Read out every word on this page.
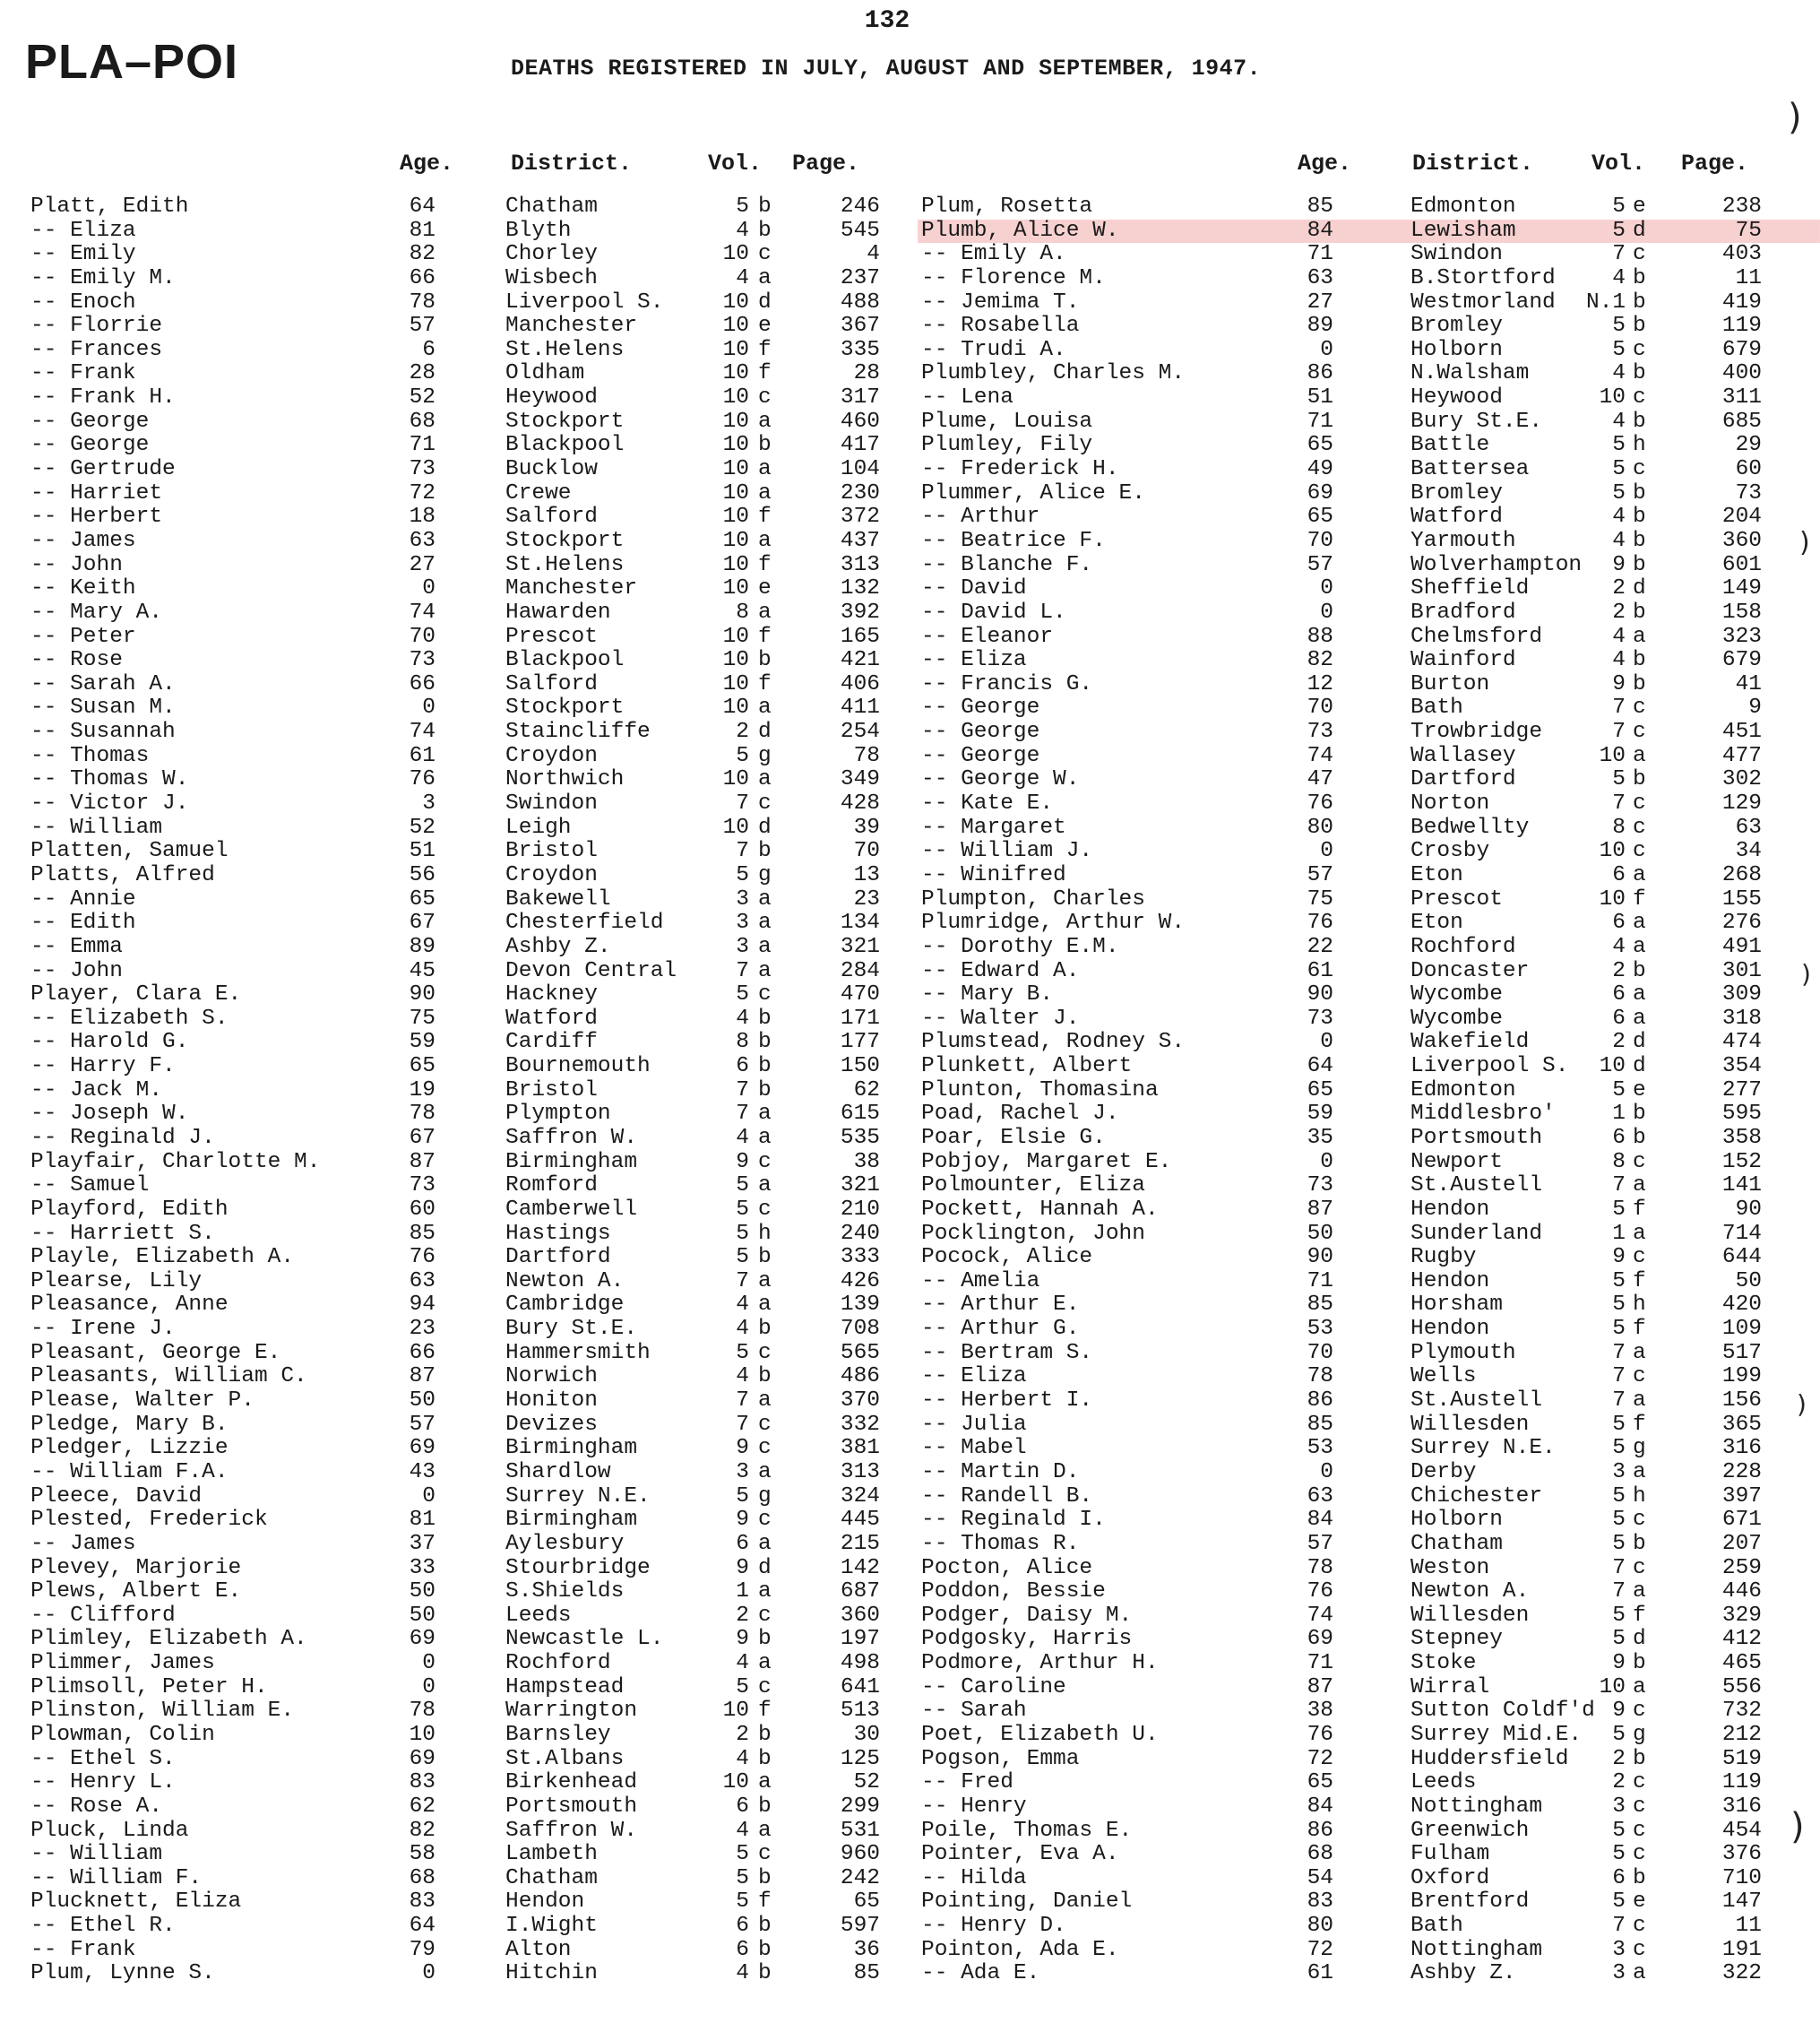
132
PLA–POI	DEATHS REGISTERED IN JULY, AUGUST AND SEPTEMBER, 1947.
Age.	District.	Vol. Page.	Age.	District.	Vol. Page.
Platt, Edith	64	Chatham	5 b	246
-- Eliza	81	Blyth	4 b	545
-- Emily	82	Chorley	10 c	4
-- Emily M.	66	Wisbech	4 a	237
-- Enoch	78	Liverpool S.	10 d	488
-- Florrie	57	Manchester	10 e	367
-- Frances	6	St.Helens	10 f	335
-- Frank	28	Oldham	10 f	28
-- Frank H.	52	Heywood	10 c	317
-- George	68	Stockport	10 a	460
-- George	71	Blackpool	10 b	417
-- Gertrude	73	Bucklow	10 a	104
-- Harriet	72	Crewe	10 a	230
-- Herbert	18	Salford	10 f	372
-- James	63	Stockport	10 a	437
-- John	27	St.Helens	10 f	313
-- Keith	0	Manchester	10 e	132
-- Mary A.	74	Hawarden	8 a	392
-- Peter	70	Prescot	10 f	165
-- Rose	73	Blackpool	10 b	421
-- Sarah A.	66	Salford	10 f	406
-- Susan M.	0	Stockport	10 a	411
-- Susannah	74	Staincliffe	2 d	254
-- Thomas	61	Croydon	5 g	78
-- Thomas W.	76	Northwich	10 a	349
-- Victor J.	3	Swindon	7 c	428
-- William	52	Leigh	10 d	39
Platten, Samuel	51	Bristol	7 b	70
Platts, Alfred	56	Croydon	5 g	13
-- Annie	65	Bakewell	3 a	23
-- Edith	67	Chesterfield	3 a	134
-- Emma	89	Ashby Z.	3 a	321
-- John	45	Devon Central	7 a	284
Player, Clara E.	90	Hackney	5 c	470
-- Elizabeth S.	75	Watford	4 b	171
-- Harold G.	59	Cardiff	8 b	177
-- Harry F.	65	Bournemouth	6 b	150
-- Jack M.	19	Bristol	7 b	62
-- Joseph W.	78	Plympton	7 a	615
-- Reginald J.	67	Saffron W.	4 a	535
Playfair, Charlotte M.	87	Birmingham	9 c	38
-- Samuel	73	Romford	5 a	321
Playford, Edith	60	Camberwell	5 c	210
-- Harriett S.	85	Hastings	5 h	240
Playle, Elizabeth A.	76	Dartford	5 b	333
Plearse, Lily	63	Newton A.	7 a	426
Pleasance, Anne	94	Cambridge	4 a	139
-- Irene J.	23	Bury St.E.	4 b	708
Pleasant, George E.	66	Hammersmith	5 c	565
Pleasants, William C.	87	Norwich	4 b	486
Please, Walter P.	50	Honiton	7 a	370
Pledge, Mary B.	57	Devizes	7 c	332
Pledger, Lizzie	69	Birmingham	9 c	381
-- William F.A.	43	Shardlow	3 a	313
Pleece, David	0	Surrey N.E.	5 g	324
Plested, Frederick	81	Birmingham	9 c	445
-- James	37	Aylesbury	6 a	215
Plevey, Marjorie	33	Stourbridge	9 d	142
Plews, Albert E.	50	S.Shields	1 a	687
-- Clifford	50	Leeds	2 c	360
Plimley, Elizabeth A.	69	Newcastle L.	9 b	197
Plimmer, James	0	Rochford	4 a	498
Plimsoll, Peter H.	0	Hampstead	5 c	641
Plinston, William E.	78	Warrington	10 f	513
Plowman, Colin	10	Barnsley	2 b	30
-- Ethel S.	69	St.Albans	4 b	125
-- Henry L.	83	Birkenhead	10 a	52
-- Rose A.	62	Portsmouth	6 b	299
Pluck, Linda	82	Saffron W.	4 a	531
-- William	58	Lambeth	5 c	960
-- William F.	68	Chatham	5 b	242
Plucknett, Eliza	83	Hendon	5 f	65
-- Ethel R.	64	I.Wight	6 b	597
-- Frank	79	Alton	6 b	36
Plum, Lynne S.	0	Hitchin	4 b	85
Plum, Rosetta	85	Edmonton	5 e	238
Plumb, Alice W.	84	Lewisham	5 d	75
-- Emily A.	71	Swindon	7 c	403
-- Florence M.	63	B.Stortford	4 b	11
-- Jemima T.	27	Westmorland N.1 b	419
-- Rosabella	89	Bromley	5 b	119
-- Trudi A.	0	Holborn	5 c	679
Plumbley, Charles M.	86	N.Walsham	4 b	400
-- Lena	51	Heywood	10 c	311
Plume, Louisa	71	Bury St.E.	4 b	685
Plumley, Fily	65	Battle	5 h	29
-- Frederick H.	49	Battersea	5 c	60
Plummer, Alice E.	69	Bromley	5 b	73
-- Arthur	65	Watford	4 b	204
-- Beatrice F.	70	Yarmouth	4 b	360
-- Blanche F.	57	Wolverhampton	9 b	601
-- David	0	Sheffield	2 d	149
-- David L.	0	Bradford	2 b	158
-- Eleanor	88	Chelmsford	4 a	323
-- Eliza	82	Wainford	4 b	679
-- Francis G.	12	Burton	9 b	41
-- George	70	Bath	7 c	9
-- George	73	Trowbridge	7 c	451
-- George	74	Wallasey	10 a	477
-- George W.	47	Dartford	5 b	302
-- Kate E.	76	Norton	7 c	129
-- Margaret	80	Bedwellty	8 c	63
-- William J.	0	Crosby	10 c	34
-- Winifred	57	Eton	6 a	268
Plumpton, Charles	75	Prescot	10 f	155
Plumridge, Arthur W.	76	Eton	6 a	276
-- Dorothy E.M.	22	Rochford	4 a	491
-- Edward A.	61	Doncaster	2 b	301
-- Mary B.	90	Wycombe	6 a	309
-- Walter J.	73	Wycombe	6 a	318
Plumstead, Rodney S.	0	Wakefield	2 d	474
Plunkett, Albert	64	Liverpool S.	10 d	354
Plunton, Thomasina	65	Edmonton	5 e	277
Poad, Rachel J.	59	Middlesbro'	1 b	595
Poar, Elsie G.	35	Portsmouth	6 b	358
Pobjoy, Margaret E.	0	Newport	8 c	152
Polmounter, Eliza	73	St.Austell	7 a	141
Pockett, Hannah A.	87	Hendon	5 f	90
Pocklington, John	50	Sunderland	1 a	714
Pocock, Alice	90	Rugby	9 c	644
-- Amelia	71	Hendon	5 f	50
-- Arthur E.	85	Horsham	5 h	420
-- Arthur G.	53	Hendon	5 f	109
-- Bertram S.	70	Plymouth	7 a	517
-- Eliza	78	Wells	7 c	199
-- Herbert I.	86	St.Austell	7 a	156
-- Julia	85	Willesden	5 f	365
-- Mabel	53	Surrey N.E.	5 g	316
-- Martin D.	0	Derby	3 a	228
-- Randell B.	63	Chichester	5 h	397
-- Reginald I.	84	Holborn	5 c	671
-- Thomas R.	57	Chatham	5 b	207
Pocton, Alice	78	Weston	7 c	259
Poddon, Bessie	76	Newton A.	7 a	446
Podger, Daisy M.	74	Willesden	5 f	329
Podgosky, Harris	69	Stepney	5 d	412
Podmore, Arthur H.	71	Stoke	9 b	465
-- Caroline	87	Wirral	10 a	556
-- Sarah	38	Sutton Coldf'd 9 c	732
Poet, Elizabeth U.	76	Surrey Mid.E.	5 g	212
Pogson, Emma	72	Huddersfield	2 b	519
-- Fred	65	Leeds	2 c	119
-- Henry	84	Nottingham	3 c	316
Poile, Thomas E.	86	Greenwich	5 c	454
Pointer, Eva A.	68	Fulham	5 c	376
-- Hilda	54	Oxford	6 b	710
Pointing, Daniel	83	Brentford	5 e	147
-- Henry D.	80	Bath	7 c	11
Pointon, Ada E.	72	Nottingham	3 c	191
-- Ada E.	61	Ashby Z.	3 a	322
)
)
)
)
)
